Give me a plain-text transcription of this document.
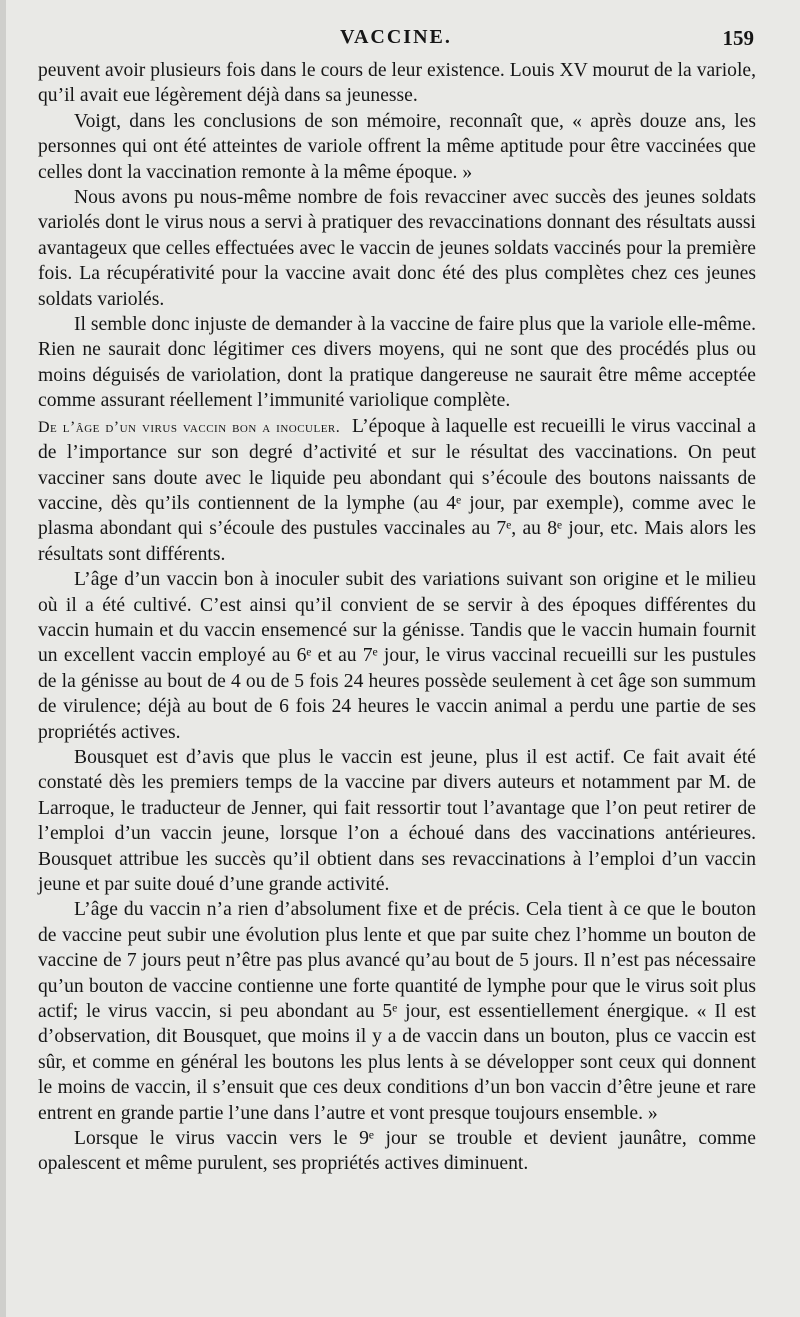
VACCINE.	159

peuvent avoir plusieurs fois dans le cours de leur existence. Louis XV mourut de la variole, qu’il avait eue légèrement déjà dans sa jeunesse.

Voigt, dans les conclusions de son mémoire, reconnaît que, « après douze ans, les personnes qui ont été atteintes de variole offrent la même aptitude pour être vaccinées que celles dont la vaccination remonte à la même époque. »

Nous avons pu nous-même nombre de fois revacciner avec succès des jeunes soldats variolés dont le virus nous a servi à pratiquer des revaccinations donnant des résultats aussi avantageux que celles effectuées avec le vaccin de jeunes soldats vaccinés pour la première fois. La récupérativité pour la vaccine avait donc été des plus complètes chez ces jeunes soldats variolés.

Il semble donc injuste de demander à la vaccine de faire plus que la variole elle-même. Rien ne saurait donc légitimer ces divers moyens, qui ne sont que des procédés plus ou moins déguisés de variolation, dont la pratique dangereuse ne saurait être même acceptée comme assurant réellement l’immunité variolique complète.

De l’âge d’un virus vaccin bon a inoculer. L’époque à laquelle est recueilli le virus vaccinal a de l’importance sur son degré d’activité et sur le résultat des vaccinations. On peut vacciner sans doute avec le liquide peu abondant qui s’écoule des boutons naissants de vaccine, dès qu’ils contiennent de la lymphe (au 4ᵉ jour, par exemple), comme avec le plasma abondant qui s’écoule des pustules vaccinales au 7ᵉ, au 8ᵉ jour, etc. Mais alors les résultats sont différents.

L’âge d’un vaccin bon à inoculer subit des variations suivant son origine et le milieu où il a été cultivé. C’est ainsi qu’il convient de se servir à des époques différentes du vaccin humain et du vaccin ensemencé sur la génisse. Tandis que le vaccin humain fournit un excellent vaccin employé au 6ᵉ et au 7ᵉ jour, le virus vaccinal recueilli sur les pustules de la génisse au bout de 4 ou de 5 fois 24 heures possède seulement à cet âge son summum de virulence; déjà au bout de 6 fois 24 heures le vaccin animal a perdu une partie de ses propriétés actives.

Bousquet est d’avis que plus le vaccin est jeune, plus il est actif. Ce fait avait été constaté dès les premiers temps de la vaccine par divers auteurs et notamment par M. de Larroque, le traducteur de Jenner, qui fait ressortir tout l’avantage que l’on peut retirer de l’emploi d’un vaccin jeune, lorsque l’on a échoué dans des vaccinations antérieures. Bousquet attribue les succès qu’il obtient dans ses revaccinations à l’emploi d’un vaccin jeune et par suite doué d’une grande activité.

L’âge du vaccin n’a rien d’absolument fixe et de précis. Cela tient à ce que le bouton de vaccine peut subir une évolution plus lente et que par suite chez l’homme un bouton de vaccine de 7 jours peut n’être pas plus avancé qu’au bout de 5 jours. Il n’est pas nécessaire qu’un bouton de vaccine contienne une forte quantité de lymphe pour que le virus soit plus actif; le virus vaccin, si peu abondant au 5ᵉ jour, est essentiellement énergique. « Il est d’observation, dit Bousquet, que moins il y a de vaccin dans un bouton, plus ce vaccin est sûr, et comme en général les boutons les plus lents à se développer sont ceux qui donnent le moins de vaccin, il s’ensuit que ces deux conditions d’un bon vaccin d’être jeune et rare entrent en grande partie l’une dans l’autre et vont presque toujours ensemble. »

Lorsque le virus vaccin vers le 9ᵉ jour se trouble et devient jaunâtre, comme opalescent et même purulent, ses propriétés actives diminuent.
